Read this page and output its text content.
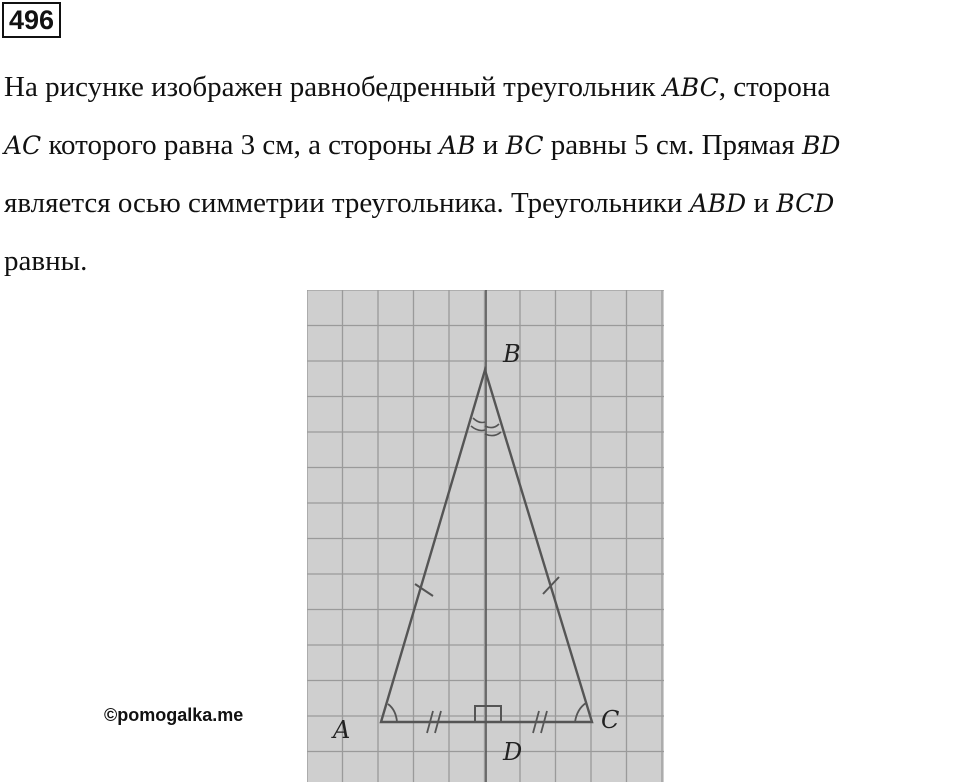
496
На рисунке изображен равнобедренный треугольник ABC, сторона
AC которого равна 3 см, а стороны AB и BC равны 5 см. Прямая BD
является осью симметрии треугольника. Треугольники ABD и BCD
равны.
B
A	C
D
©pomogalka.me
